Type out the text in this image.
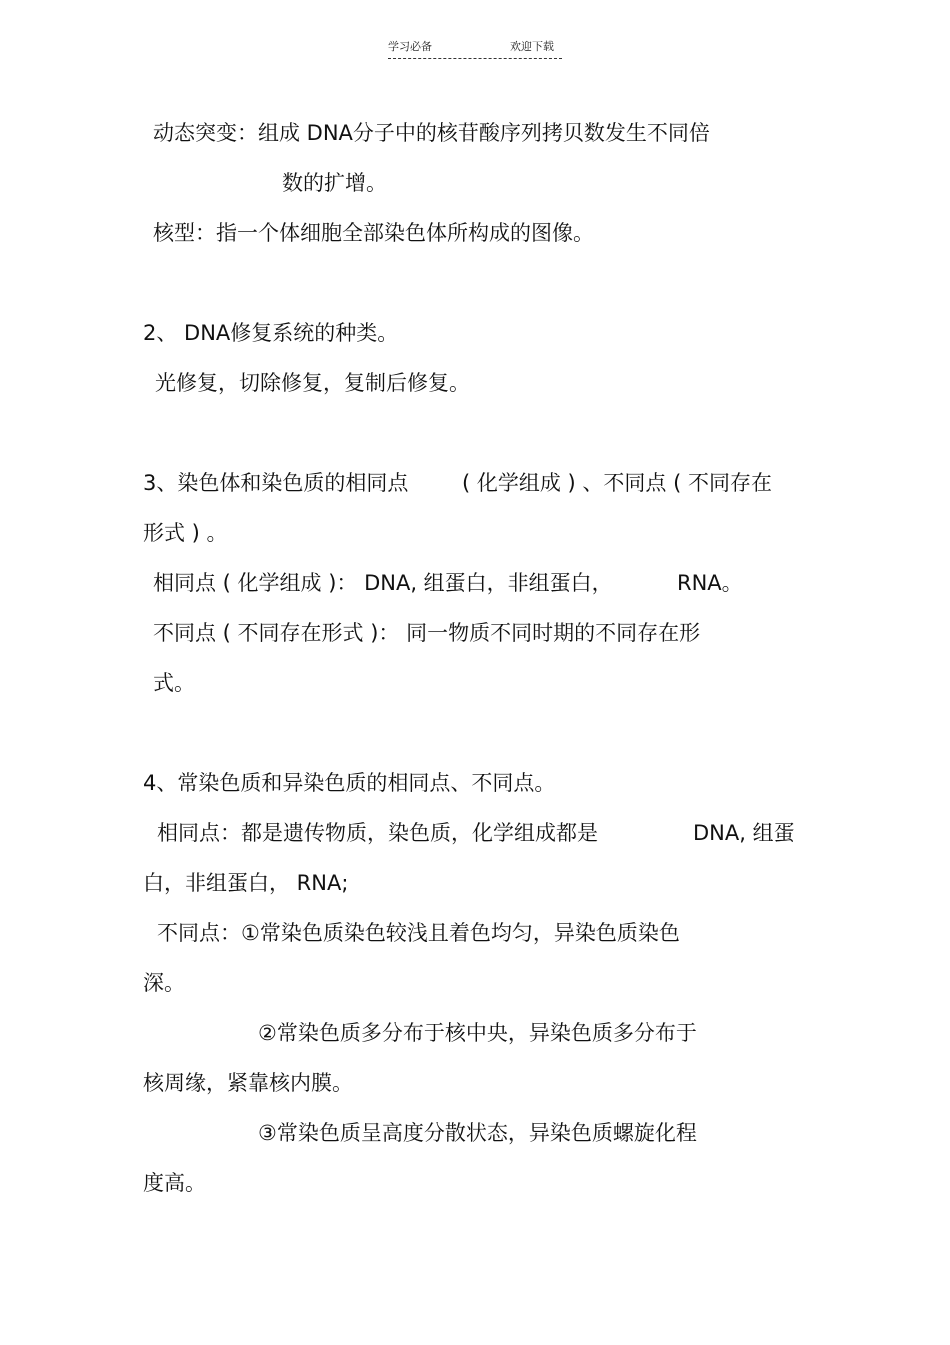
学习必备	欢迎下载
动态突变：组成 DNA分子中的核苷酸序列拷贝数发生不同倍
数的扩增。
核型：指一个体细胞全部染色体所构成的图像。
2、 DNA修复系统的种类。
光修复，切除修复，复制后修复。
3、染色体和染色质的相同点	( 化学组成 ) 、不同点 ( 不同存在
形式 ) 。
相同点 ( 化学组成 )： DNA, 组蛋白，非组蛋白，	RNA。
不同点 ( 不同存在形式 )： 同一物质不同时期的不同存在形
式。
4、常染色质和异染色质的相同点、不同点。
相同点：都是遗传物质，染色质，化学组成都是	DNA, 组蛋
白，非组蛋白， RNA;
不同点：①常染色质染色较浅且着色均匀，异染色质染色
深。
②常染色质多分布于核中央，异染色质多分布于
核周缘，紧靠核内膜。
③常染色质呈高度分散状态，异染色质螺旋化程
度高。
